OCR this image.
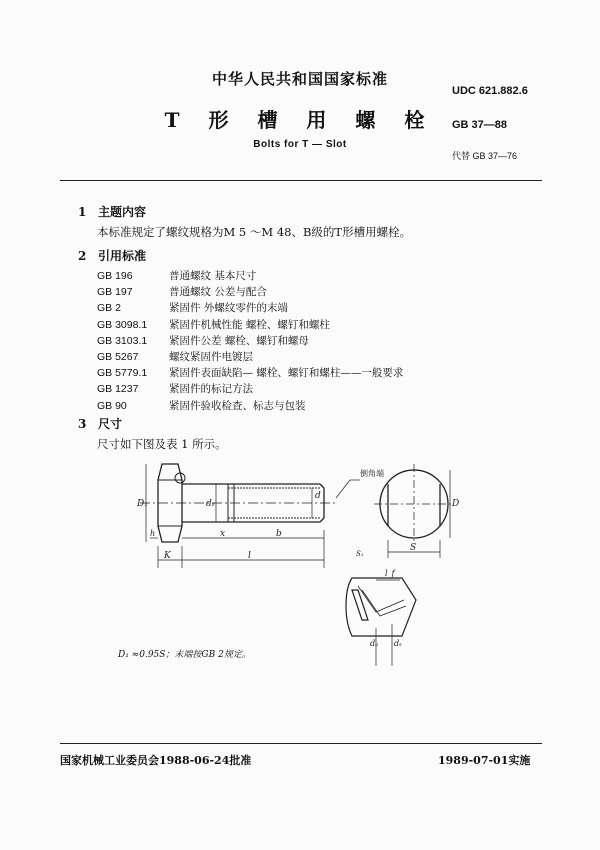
中华人民共和国国家标准
UDC 621.882.6
T 形 槽 用 螺 栓	GB 37—88
Bolts for T — Slot
代替 GB 37—76
1 主题内容
本标准规定了螺纹规格为M 5 ～M 48、B级的T形槽用螺栓。
2 引用标准
GB 196	普通螺纹 基本尺寸
GB 197	普通螺纹 公差与配合
GB 2	紧固件 外螺纹零件的末端
GB 3098.1 紧固件机械性能 螺栓、螺钉和螺柱
GB 3103.1 紧固件公差 螺栓、螺钉和螺母
GB 5267	螺纹紧固件电镀层
GB 5779.1 紧固件表面缺陷— 螺栓、螺钉和螺柱——一般要求
GB 1237	紧固件的标记方法
GB 90	紧固件验收检查、标志与包装
3 尺寸
尺寸如下图及表 1 所示。
倒角端
D₁	dₛ
d
D
h
K
x	b
l
S
S₁
l_f
dₐ dₛ
D₁ ≈0.95S；末端按GB 2规定。
国家机械工业委员会1988-06-24批准	1989-07-01实施
